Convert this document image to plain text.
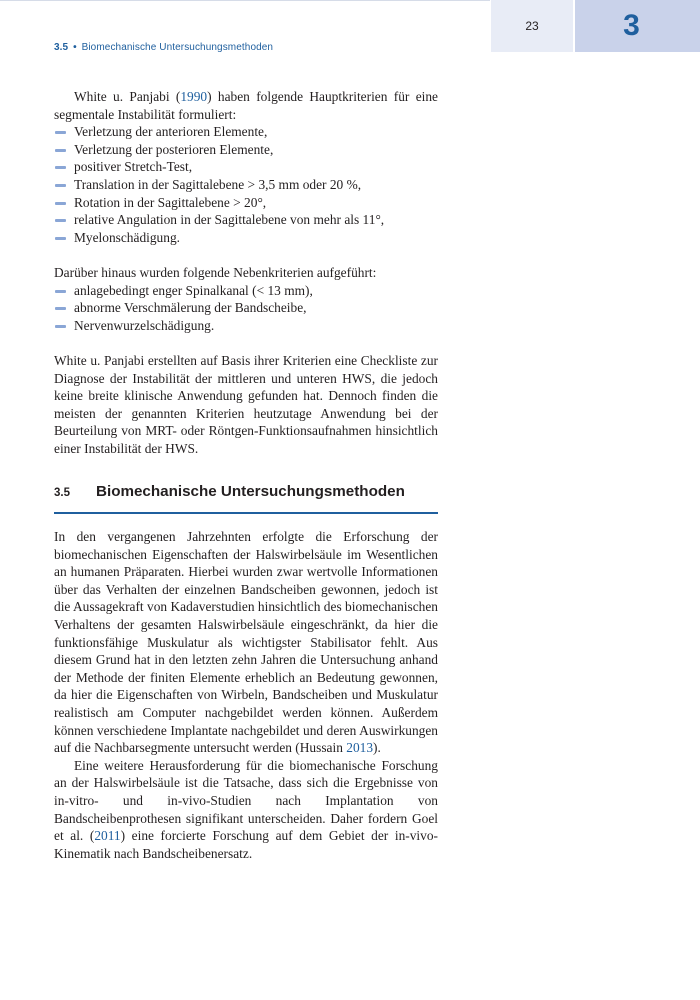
3.5 • Biomechanische Untersuchungsmethoden
23	3

White u. Panjabi (1990) haben folgende Hauptkriterien für eine segmentale Instabilität formuliert:

Verletzung der anterioren Elemente,
Verletzung der posterioren Elemente,
positiver Stretch-Test,
Translation in der Sagittalebene > 3,5 mm oder 20 %,
Rotation in der Sagittalebene > 20°,
relative Angulation in der Sagittalebene von mehr als 11°,
Myelonschädigung.

Darüber hinaus wurden folgende Nebenkriterien aufgeführt:

anlagebedingt enger Spinalkanal (< 13 mm),
abnorme Verschmälerung der Bandscheibe,
Nervenwurzelschädigung.

White u. Panjabi erstellten auf Basis ihrer Kriterien eine Checkliste zur Diagnose der Instabilität der mittleren und unteren HWS, die jedoch keine breite klinische Anwendung gefunden hat. Dennoch finden die meisten der genannten Kriterien heutzutage Anwendung bei der Beurteilung von MRT- oder Röntgen-Funktionsaufnahmen hinsichtlich einer Instabilität der HWS.

3.5	Biomechanische Untersuchungsmethoden

In den vergangenen Jahrzehnten erfolgte die Erforschung der biomechanischen Eigenschaften der Halswirbelsäule im Wesentlichen an humanen Präparaten. Hierbei wurden zwar wertvolle Informationen über das Verhalten der einzelnen Bandscheiben gewonnen, jedoch ist die Aussagekraft von Kadaverstudien hinsichtlich des biomechanischen Verhaltens der gesamten Halswirbelsäule eingeschränkt, da hier die funktionsfähige Muskulatur als wichtigster Stabilisator fehlt. Aus diesem Grund hat in den letzten zehn Jahren die Untersuchung anhand der Methode der finiten Elemente erheblich an Bedeutung gewonnen, da hier die Eigenschaften von Wirbeln, Bandscheiben und Muskulatur realistisch am Computer nachgebildet werden können. Außerdem können verschiedene Implantate nachgebildet und deren Auswirkungen auf die Nachbarsegmente untersucht werden (Hussain 2013).

Eine weitere Herausforderung für die biomechanische Forschung an der Halswirbelsäule ist die Tatsache, dass sich die Ergebnisse von in-vitro- und in-vivo-Studien nach Implantation von Bandscheibenprothesen signifikant unterscheiden. Daher fordern Goel et al. (2011) eine forcierte Forschung auf dem Gebiet der in-vivo-Kinematik nach Bandscheibenersatz.
